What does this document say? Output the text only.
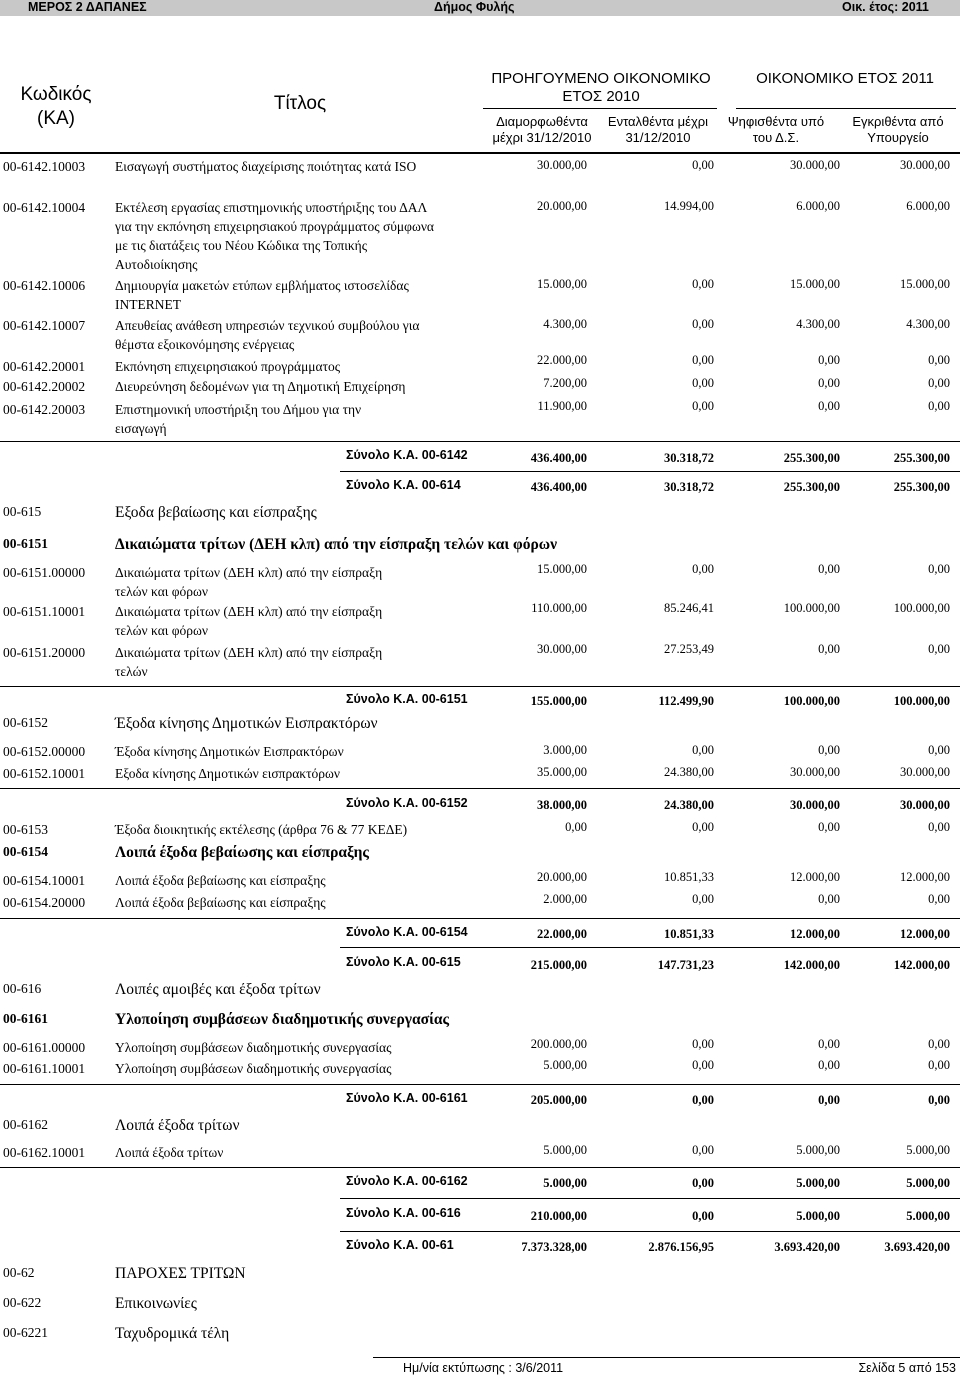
ΜΕΡΟΣ 2 ΔΑΠΑΝΕΣ	Δήμος Φυλής	Οικ. έτος: 2011
Κωδικός
(ΚΑ)
Τίτλος
ΠΡΟΗΓΟΥΜΕΝΟ ΟΙΚΟΝΟΜΙΚΟ
ΕΤΟΣ 2010
ΟΙΚΟΝΟΜΙΚΟ ΕΤΟΣ 2011
Διαμορφωθέντα
μέχρι 31/12/2010
Ενταλθέντα μέχρι
31/12/2010
Ψηφισθέντα υπό
του Δ.Σ.
Εγκριθέντα από
Υπουργείο
00-6142.10003 Εισαγωγή συστήματος διαχείρισης ποιότητας κατά ISO	30.000,00	0,00	30.000,00	30.000,00
00-6142.10004 Εκτέλεση εργασίας επιστημονικής υποστήριξης του ΔΑΛ για την εκπόνηση επιχειρησιακού προγράμματος σύμφωνα με τις διατάξεις του Νέου Κώδικα της Τοπικής Αυτοδιοίκησης
20.000,00	14.994,00	6.000,00	6.000,00
00-6142.10006 Δημιουργία μακετών ετύπων εμβλήματος ιστοσελίδας INTERNET
15.000,00	0,00	15.000,00	15.000,00
00-6142.10007 Απευθείας ανάθεση υπηρεσιών τεχνικού συμβούλου για θέμστα εξοικονόμησης ενέργειας
4.300,00	0,00	4.300,00	4.300,00
00-6142.20001 Εκπόνηση επιχειρησιακού προγράμματος	22.000,00	0,00	0,00	0,00
00-6142.20002 Διευρεύνηση δεδομένων για τη Δημοτική Επιχείρηση	7.200,00	0,00	0,00	0,00
00-6142.20003 Επιστημονική υποστήριξη του Δήμου για την εισαγωγή
11.900,00	0,00	0,00	0,00
Σύνολο Κ.Α. 00-6142	436.400,00	30.318,72	255.300,00	255.300,00
Σύνολο Κ.Α. 00-614	436.400,00	30.318,72	255.300,00	255.300,00
00-615	Εξοδα βεβαίωσης και είσπραξης
00-6151	Δικαιώματα τρίτων (ΔΕΗ κλπ) από την είσπραξη τελών και φόρων
00-6151.00000 Δικαιώματα τρίτων (ΔΕΗ κλπ) από την είσπραξη τελών και φόρων
15.000,00	0,00	0,00	0,00
00-6151.10001 Δικαιώματα τρίτων (ΔΕΗ κλπ) από την είσπραξη τελών και φόρων
110.000,00	85.246,41	100.000,00	100.000,00
00-6151.20000 Δικαιώματα τρίτων (ΔΕΗ κλπ) από την είσπραξη τελών
30.000,00	27.253,49	0,00	0,00
Σύνολο Κ.Α. 00-6151	155.000,00	112.499,90	100.000,00	100.000,00
00-6152	Έξοδα κίνησης Δημοτικών Εισπρακτόρων
00-6152.00000 Έξοδα κίνησης Δημοτικών Εισπρακτόρων	3.000,00	0,00	0,00	0,00
00-6152.10001 Εξοδα κίνησης Δημοτικών εισπρακτόρων	35.000,00	24.380,00	30.000,00	30.000,00
Σύνολο Κ.Α. 00-6152	38.000,00	24.380,00	30.000,00	30.000,00
00-6153	Έξοδα διοικητικής εκτέλεσης (άρθρα 76 & 77 ΚΕΔΕ)	0,00	0,00	0,00	0,00
00-6154	Λοιπά έξοδα βεβαίωσης και είσπραξης
00-6154.10001 Λοιπά έξοδα βεβαίωσης και είσπραξης	20.000,00	10.851,33	12.000,00	12.000,00
00-6154.20000 Λοιπά έξοδα βεβαίωσης και είσπραξης	2.000,00	0,00	0,00	0,00
Σύνολο Κ.Α. 00-6154	22.000,00	10.851,33	12.000,00	12.000,00
Σύνολο Κ.Α. 00-615	215.000,00	147.731,23	142.000,00	142.000,00
00-616	Λοιπές αμοιβές και έξοδα τρίτων
00-6161	Υλοποίηση συμβάσεων διαδημοτικής συνεργασίας
00-6161.00000 Υλοποίηση συμβάσεων διαδημοτικής συνεργασίας	200.000,00	0,00	0,00	0,00
00-6161.10001 Υλοποίηση συμβάσεων διαδημοτικής συνεργασίας	5.000,00	0,00	0,00	0,00
Σύνολο Κ.Α. 00-6161	205.000,00	0,00	0,00	0,00
00-6162	Λοιπά έξοδα τρίτων
00-6162.10001 Λοιπά έξοδα τρίτων	5.000,00	0,00	5.000,00	5.000,00
Σύνολο Κ.Α. 00-6162	5.000,00	0,00	5.000,00	5.000,00
Σύνολο Κ.Α. 00-616	210.000,00	0,00	5.000,00	5.000,00
Σύνολο Κ.Α. 00-61	7.373.328,00	2.876.156,95	3.693.420,00	3.693.420,00
00-62	ΠΑΡΟΧΕΣ ΤΡΙΤΩΝ
00-622	Επικοινωνίες
00-6221	Ταχυδρομικά τέλη
Ημ/νία εκτύπωσης : 3/6/2011	Σελίδα 5 από 153
